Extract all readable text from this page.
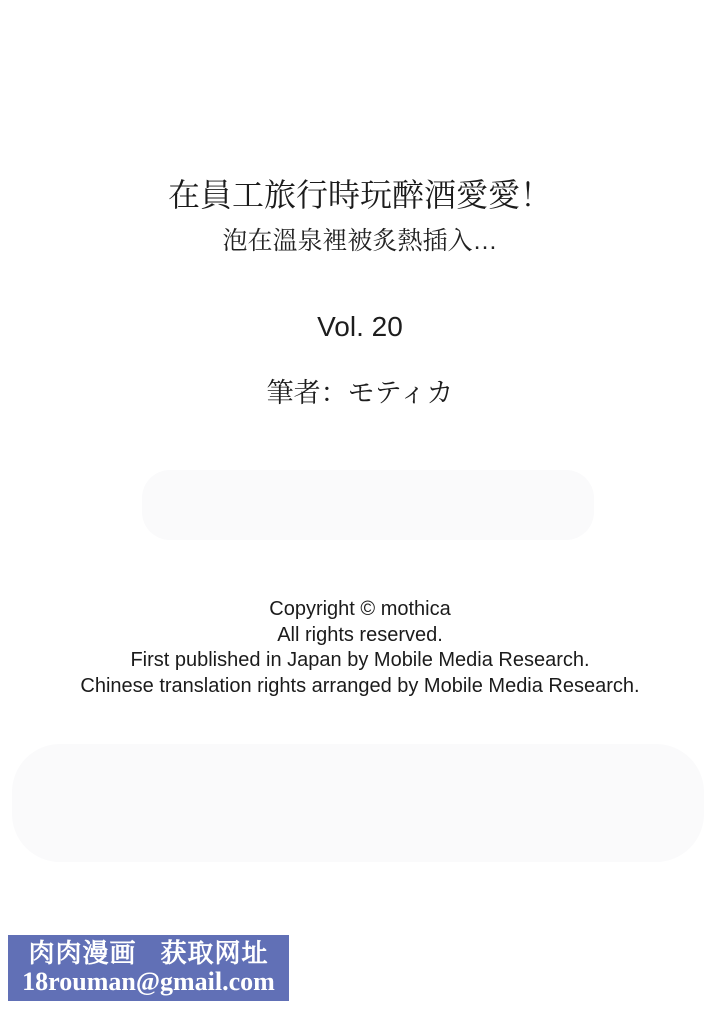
在員工旅行時玩醉酒愛愛！
泡在溫泉裡被炙熱插入…
Vol. 20
筆者：モティカ
Copyright © mothica
All rights reserved.
First published in Japan by Mobile Media Research.
Chinese translation rights arranged by Mobile Media Research.
肉肉漫画 获取网址
18rouman@gmail.com
